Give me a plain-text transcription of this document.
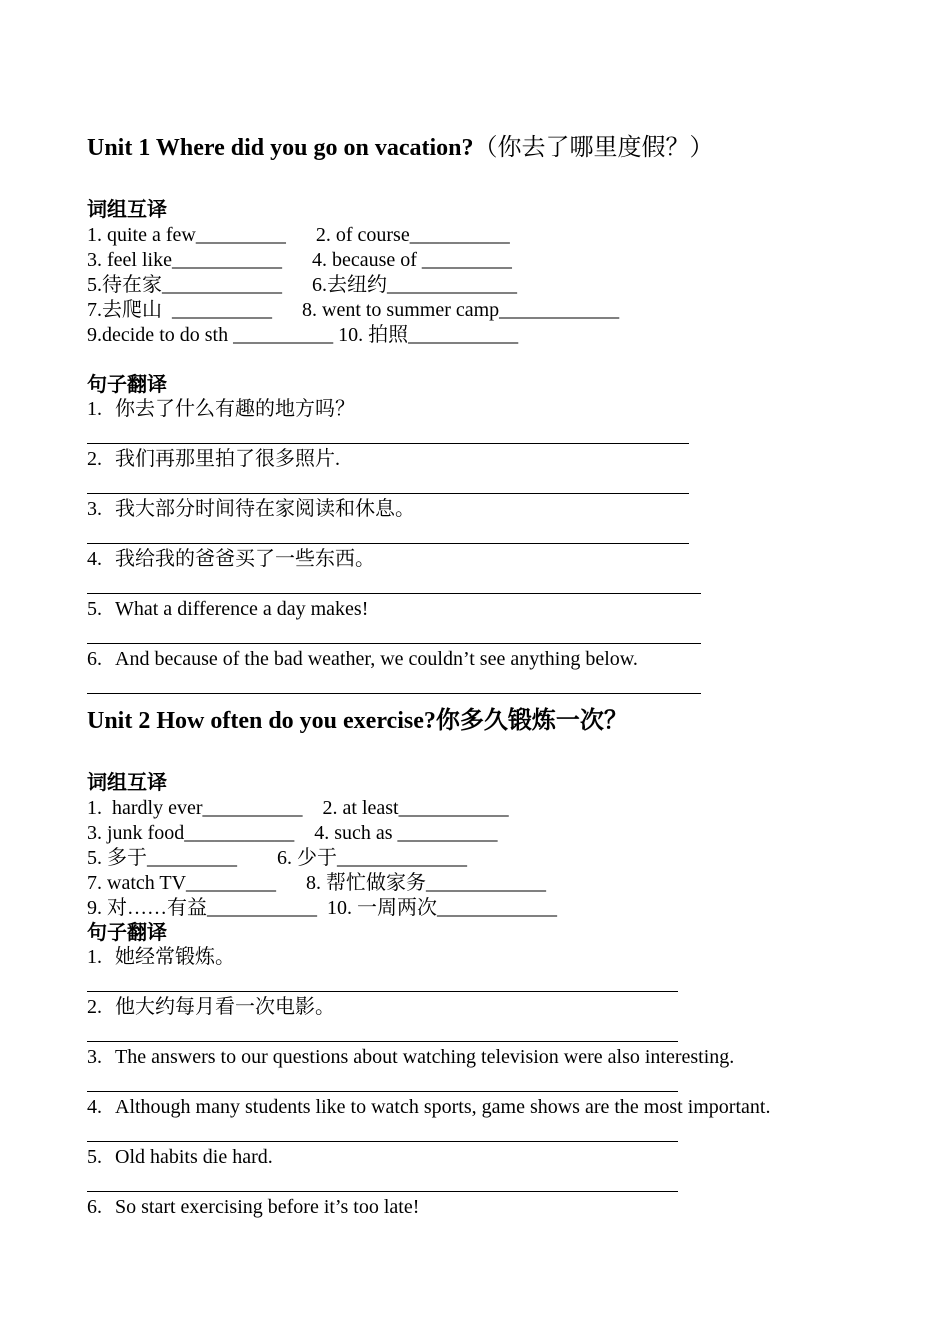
Unit 1 Where did you go on vacation?（你去了哪里度假？）
词组互译
1. quite a few_________      2. of course__________
3. feel like___________      4. because of _________
5.待在家____________      6.去纽约_____________
7.去爬山  __________      8. went to summer camp____________
9.decide to do sth __________ 10. 拍照___________
句子翻译
1. 你去了什么有趣的地方吗？
2. 我们再那里拍了很多照片.
3. 我大部分时间待在家阅读和休息。
4. 我给我的爸爸买了一些东西。
5. What a difference a day makes!
6. And because of the bad weather, we couldn’t see anything below.
Unit 2 How often do you exercise?你多久锻炼一次？
词组互译
1.  hardly ever__________    2. at least___________
3. junk food___________    4. such as __________
5. 多于_________        6. 少于_____________
7. watch TV_________      8. 帮忙做家务____________
9. 对……有益___________  10. 一周两次____________
句子翻译
1. 她经常锻炼。
2. 他大约每月看一次电影。
3. The answers to our questions about watching television were also interesting.
4. Although many students like to watch sports, game shows are the most important.
5. Old habits die hard.
6. So start exercising before it’s too late!
